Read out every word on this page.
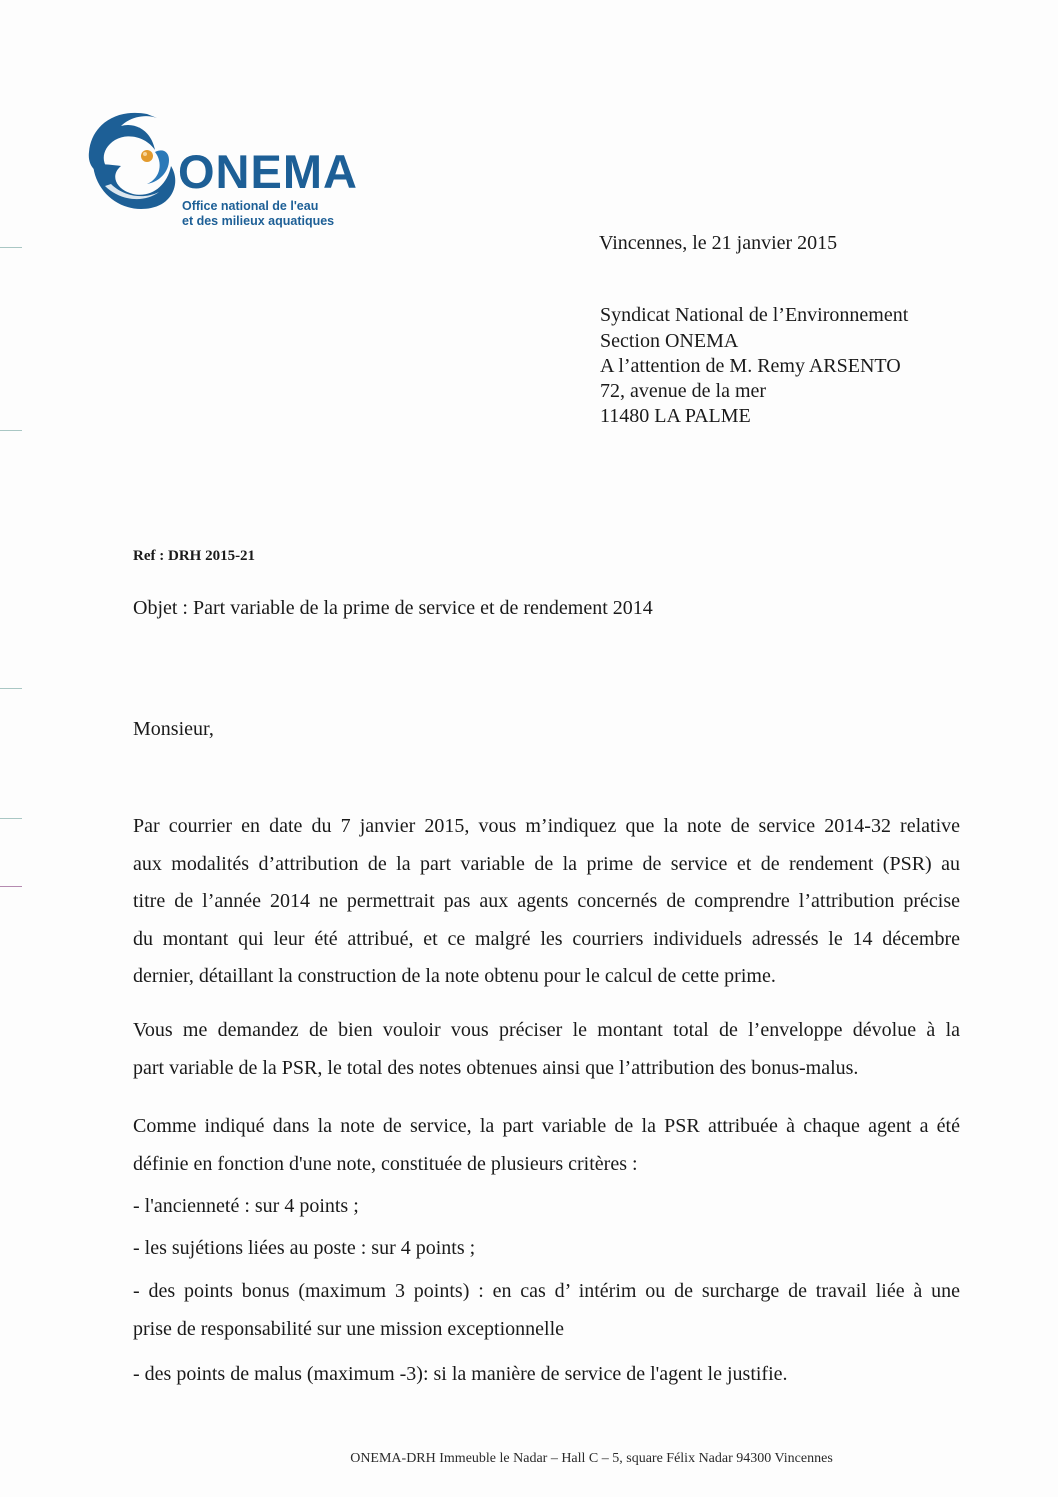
ONEMA
Office national de l'eau
et des milieux aquatiques
Vincennes, le 21 janvier 2015
Syndicat National de l’Environnement
Section ONEMA
A l’attention de M. Remy ARSENTO
72, avenue de la mer
11480 LA PALME
Ref : DRH 2015-21
Objet : Part variable de la prime de service et de rendement 2014
Monsieur,
Par courrier en date du 7 janvier 2015, vous m’indiquez que la note de service 2014-32 relative
aux modalités d’attribution de la part variable de la prime de service et de rendement (PSR) au
titre de l’année 2014 ne permettrait pas aux agents concernés de comprendre l’attribution précise
du montant qui leur été attribué, et ce malgré les courriers individuels adressés le 14 décembre
dernier, détaillant la construction de la note obtenu pour le calcul de cette prime.
Vous me demandez de bien vouloir vous préciser le montant total de l’enveloppe dévolue à la
part variable de la PSR, le total des notes obtenues ainsi que l’attribution des bonus-malus.
Comme indiqué dans la note de service, la part variable de la PSR attribuée à chaque agent a été
définie en fonction d'une note, constituée de plusieurs critères :
- l'ancienneté : sur 4 points ;
- les sujétions liées au poste : sur 4 points ;
- des points bonus (maximum 3 points) : en cas d’ intérim ou de surcharge de travail liée à une
prise de responsabilité sur une mission exceptionnelle
- des points de malus (maximum -3): si la manière de service de l'agent le justifie.
ONEMA-DRH Immeuble le Nadar – Hall C – 5, square Félix Nadar 94300 Vincennes
